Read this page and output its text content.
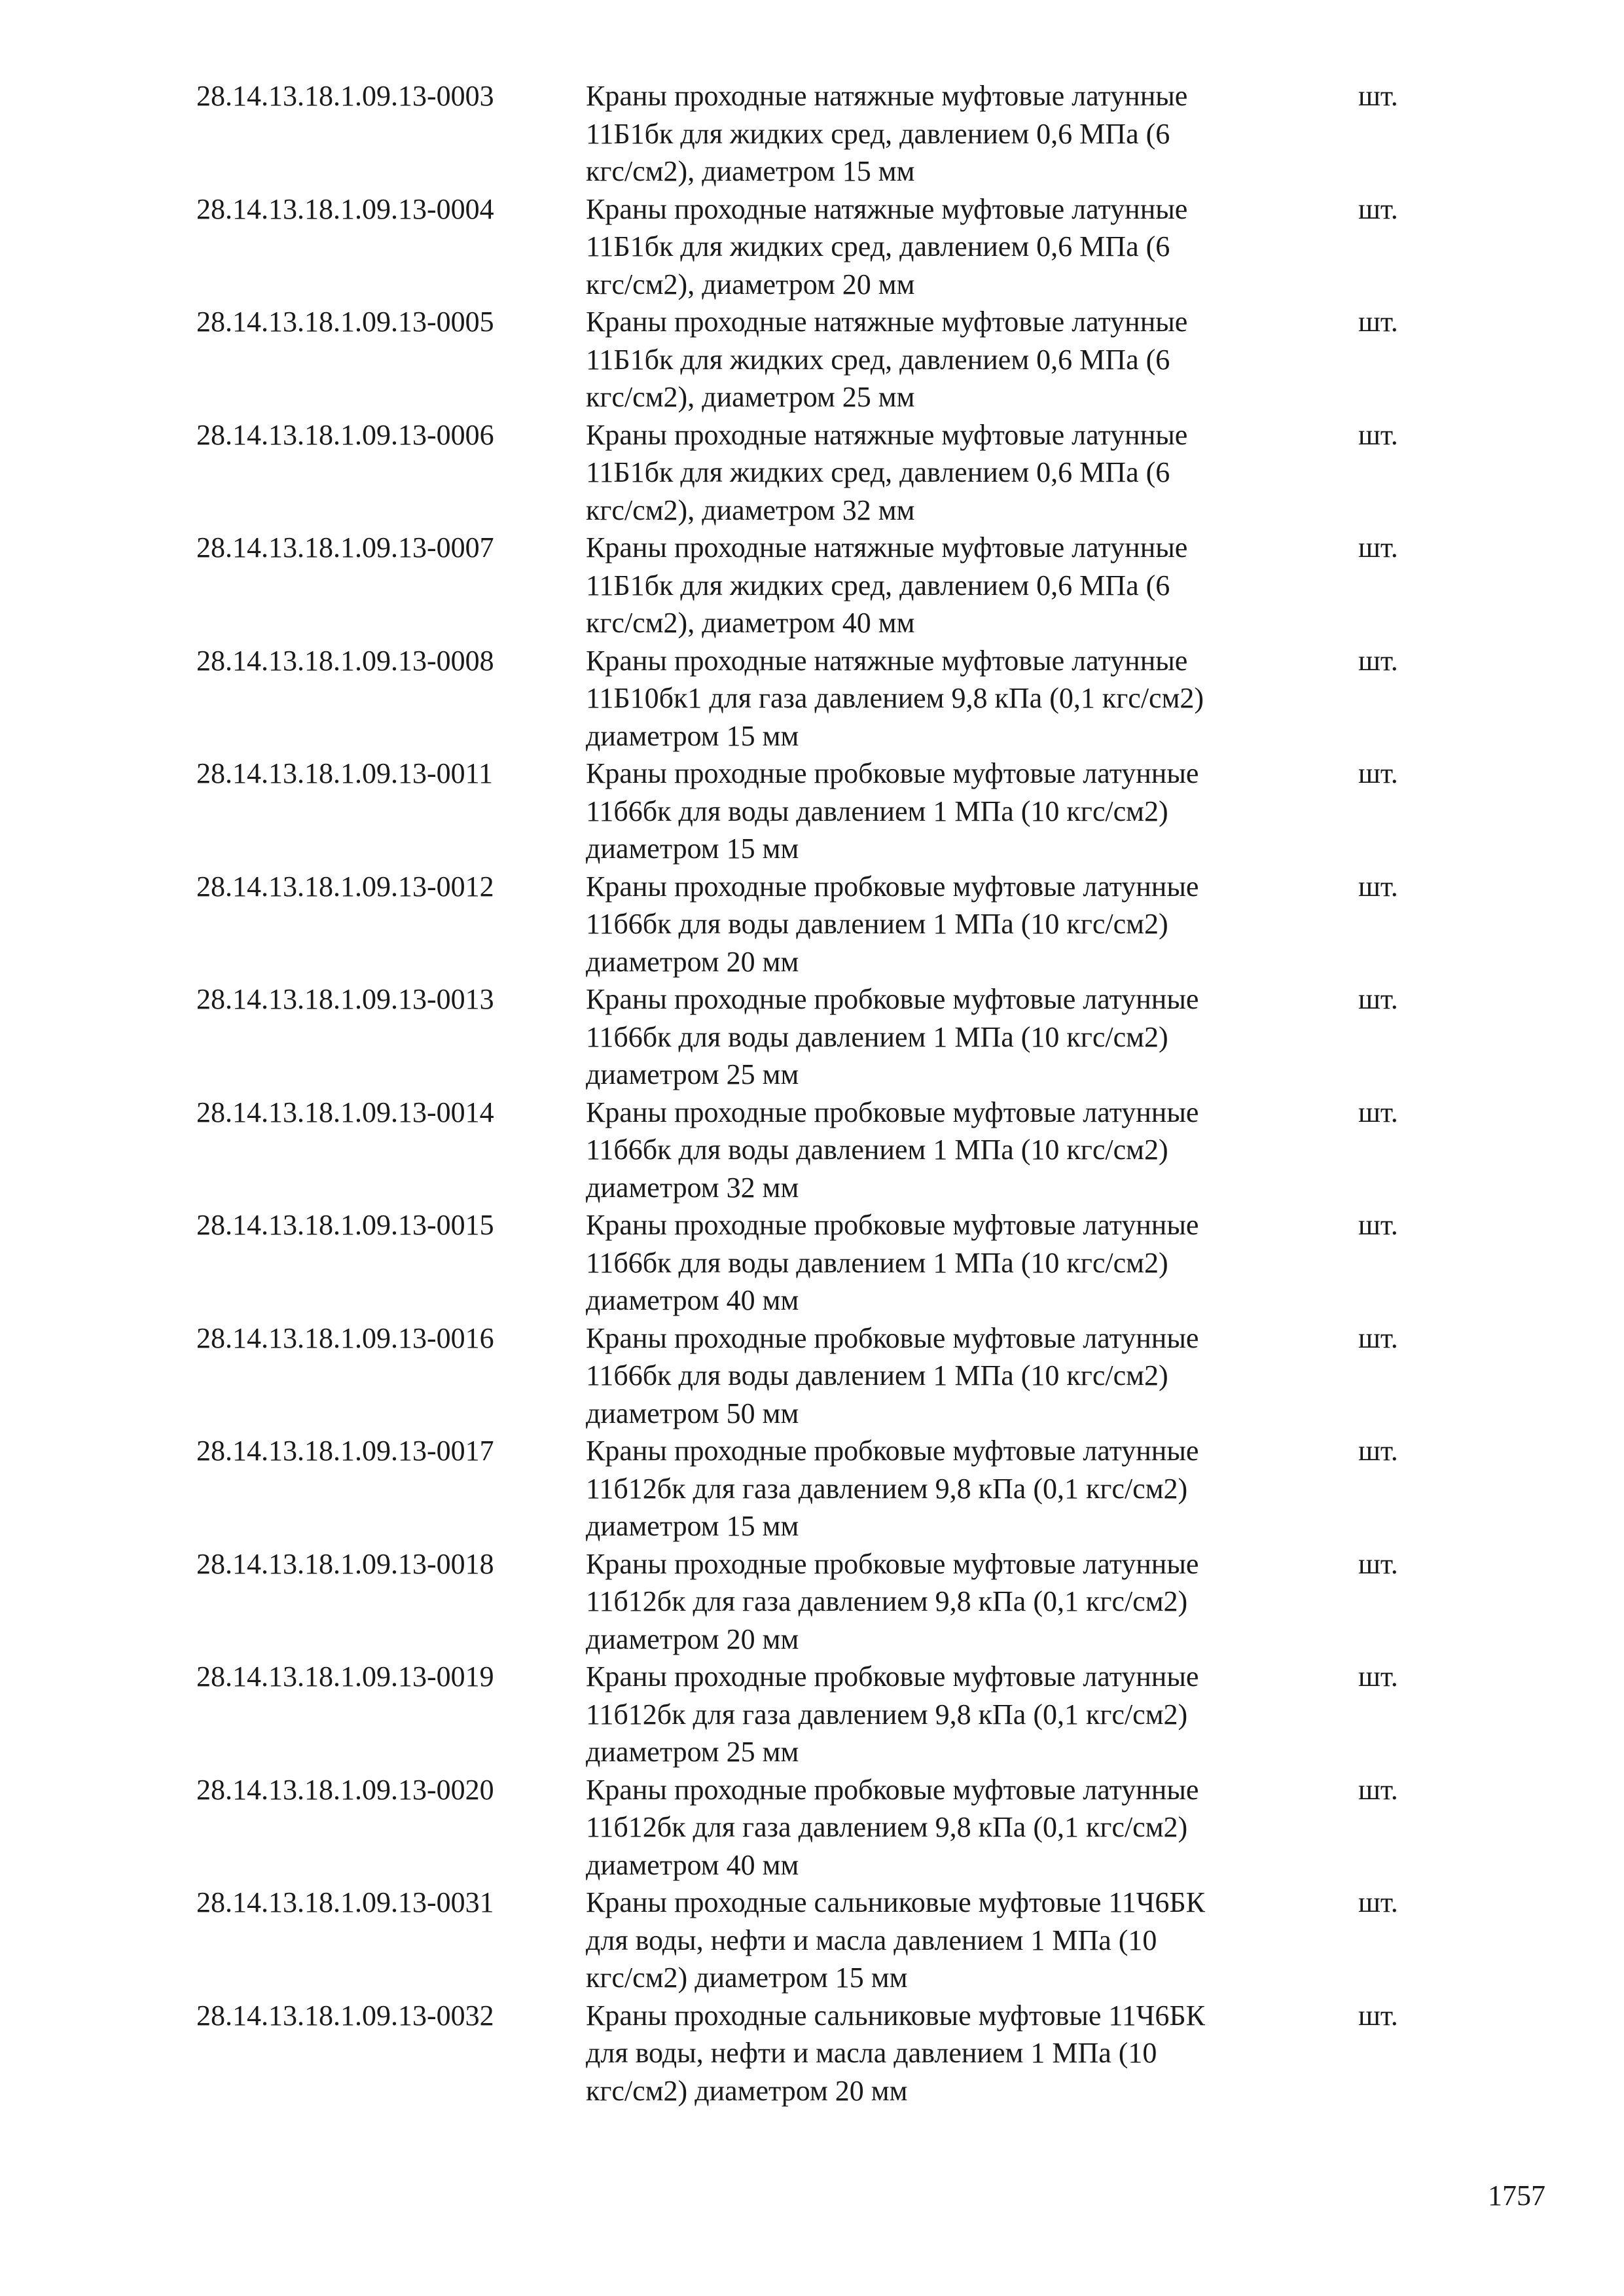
28.14.13.18.1.09.13-0003	Краны проходные натяжные муфтовые латунные
11Б1бк для жидких сред, давлением 0,6 МПа (6
кгс/см2), диаметром 15 мм
шт.
28.14.13.18.1.09.13-0004	Краны проходные натяжные муфтовые латунные
11Б1бк для жидких сред, давлением 0,6 МПа (6
кгс/см2), диаметром 20 мм
шт.
28.14.13.18.1.09.13-0005	Краны проходные натяжные муфтовые латунные
11Б1бк для жидких сред, давлением 0,6 МПа (6
кгс/см2), диаметром 25 мм
шт.
28.14.13.18.1.09.13-0006	Краны проходные натяжные муфтовые латунные
11Б1бк для жидких сред, давлением 0,6 МПа (6
кгс/см2), диаметром 32 мм
шт.
28.14.13.18.1.09.13-0007	Краны проходные натяжные муфтовые латунные
11Б1бк для жидких сред, давлением 0,6 МПа (6
кгс/см2), диаметром 40 мм
шт.
28.14.13.18.1.09.13-0008	Краны проходные натяжные муфтовые латунные
11Б10бк1 для газа давлением 9,8 кПа (0,1 кгс/см2)
диаметром 15 мм
шт.
28.14.13.18.1.09.13-0011	Краны проходные пробковые муфтовые латунные
11б6бк для воды давлением 1 МПа (10 кгс/см2)
диаметром 15 мм
шт.
28.14.13.18.1.09.13-0012	Краны проходные пробковые муфтовые латунные
11б6бк для воды давлением 1 МПа (10 кгс/см2)
диаметром 20 мм
шт.
28.14.13.18.1.09.13-0013	Краны проходные пробковые муфтовые латунные
11б6бк для воды давлением 1 МПа (10 кгс/см2)
диаметром 25 мм
шт.
28.14.13.18.1.09.13-0014	Краны проходные пробковые муфтовые латунные
11б6бк для воды давлением 1 МПа (10 кгс/см2)
диаметром 32 мм
шт.
28.14.13.18.1.09.13-0015	Краны проходные пробковые муфтовые латунные
11б6бк для воды давлением 1 МПа (10 кгс/см2)
диаметром 40 мм
шт.
28.14.13.18.1.09.13-0016	Краны проходные пробковые муфтовые латунные
11б6бк для воды давлением 1 МПа (10 кгс/см2)
диаметром 50 мм
шт.
28.14.13.18.1.09.13-0017	Краны проходные пробковые муфтовые латунные
11б12бк для газа давлением 9,8 кПа (0,1 кгс/см2)
диаметром 15 мм
шт.
28.14.13.18.1.09.13-0018	Краны проходные пробковые муфтовые латунные
11б12бк для газа давлением 9,8 кПа (0,1 кгс/см2)
диаметром 20 мм
шт.
28.14.13.18.1.09.13-0019	Краны проходные пробковые муфтовые латунные
11б12бк для газа давлением 9,8 кПа (0,1 кгс/см2)
диаметром 25 мм
шт.
28.14.13.18.1.09.13-0020	Краны проходные пробковые муфтовые латунные
11б12бк для газа давлением 9,8 кПа (0,1 кгс/см2)
диаметром 40 мм
шт.
28.14.13.18.1.09.13-0031	Краны проходные сальниковые муфтовые 11Ч6БК
для воды, нефти и масла давлением 1 МПа (10
кгс/см2) диаметром 15 мм
шт.
28.14.13.18.1.09.13-0032	Краны проходные сальниковые муфтовые 11Ч6БК
для воды, нефти и масла давлением 1 МПа (10
кгс/см2) диаметром 20 мм
шт.
1757
